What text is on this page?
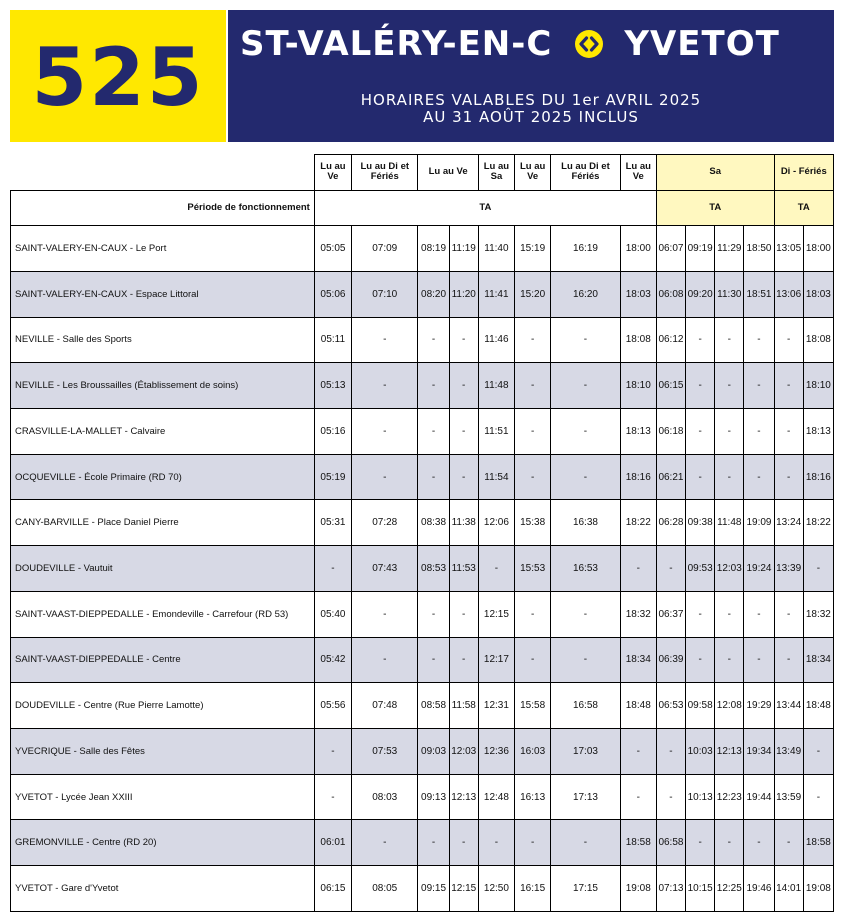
525	ST-VALÉRY-EN-C YVETOT
HORAIRES VALABLES DU 1er AVRIL 2025
AU 31 AOÛT 2025 INCLUS
	Lu au Ve	Lu au Di et Fériés	Lu au Ve		Lu au Sa	Lu au Ve	Lu au Di et Fériés	Lu au Ve	Sa				Di - Fériés	
Période de fonctionnement	TA								TA				TA	
SAINT-VALERY-EN-CAUX - Le Port	05:05	07:09	08:19	11:19	11:40	15:19	16:19	18:00	06:07	09:19	11:29	18:50	13:05	18:00
SAINT-VALERY-EN-CAUX - Espace Littoral	05:06	07:10	08:20	11:20	11:41	15:20	16:20	18:03	06:08	09:20	11:30	18:51	13:06	18:03
NEVILLE - Salle des Sports	05:11	-	-	-	11:46	-	-	18:08	06:12	-	-	-	-	18:08
NEVILLE - Les Broussailles (Établissement de soins)	05:13	-	-	-	11:48	-	-	18:10	06:15	-	-	-	-	18:10
CRASVILLE-LA-MALLET - Calvaire	05:16	-	-	-	11:51	-	-	18:13	06:18	-	-	-	-	18:13
OCQUEVILLE - École Primaire (RD 70)	05:19	-	-	-	11:54	-	-	18:16	06:21	-	-	-	-	18:16
CANY-BARVILLE - Place Daniel Pierre	05:31	07:28	08:38	11:38	12:06	15:38	16:38	18:22	06:28	09:38	11:48	19:09	13:24	18:22
DOUDEVILLE - Vautuit	-	07:43	08:53	11:53	-	15:53	16:53	-	-	09:53	12:03	19:24	13:39	-
SAINT-VAAST-DIEPPEDALLE - Emondeville - Carrefour (RD 53)	05:40	-	-	-	12:15	-	-	18:32	06:37	-	-	-	-	18:32
SAINT-VAAST-DIEPPEDALLE - Centre	05:42	-	-	-	12:17	-	-	18:34	06:39	-	-	-	-	18:34
DOUDEVILLE - Centre (Rue Pierre Lamotte)	05:56	07:48	08:58	11:58	12:31	15:58	16:58	18:48	06:53	09:58	12:08	19:29	13:44	18:48
YVECRIQUE - Salle des Fêtes	-	07:53	09:03	12:03	12:36	16:03	17:03	-	-	10:03	12:13	19:34	13:49	-
YVETOT - Lycée Jean XXIII	-	08:03	09:13	12:13	12:48	16:13	17:13	-	-	10:13	12:23	19:44	13:59	-
GREMONVILLE - Centre (RD 20)	06:01	-	-	-	-	-	-	18:58	06:58	-	-	-	-	18:58
YVETOT - Gare d'Yvetot	06:15	08:05	09:15	12:15	12:50	16:15	17:15	19:08	07:13	10:15	12:25	19:46	14:01	19:08
